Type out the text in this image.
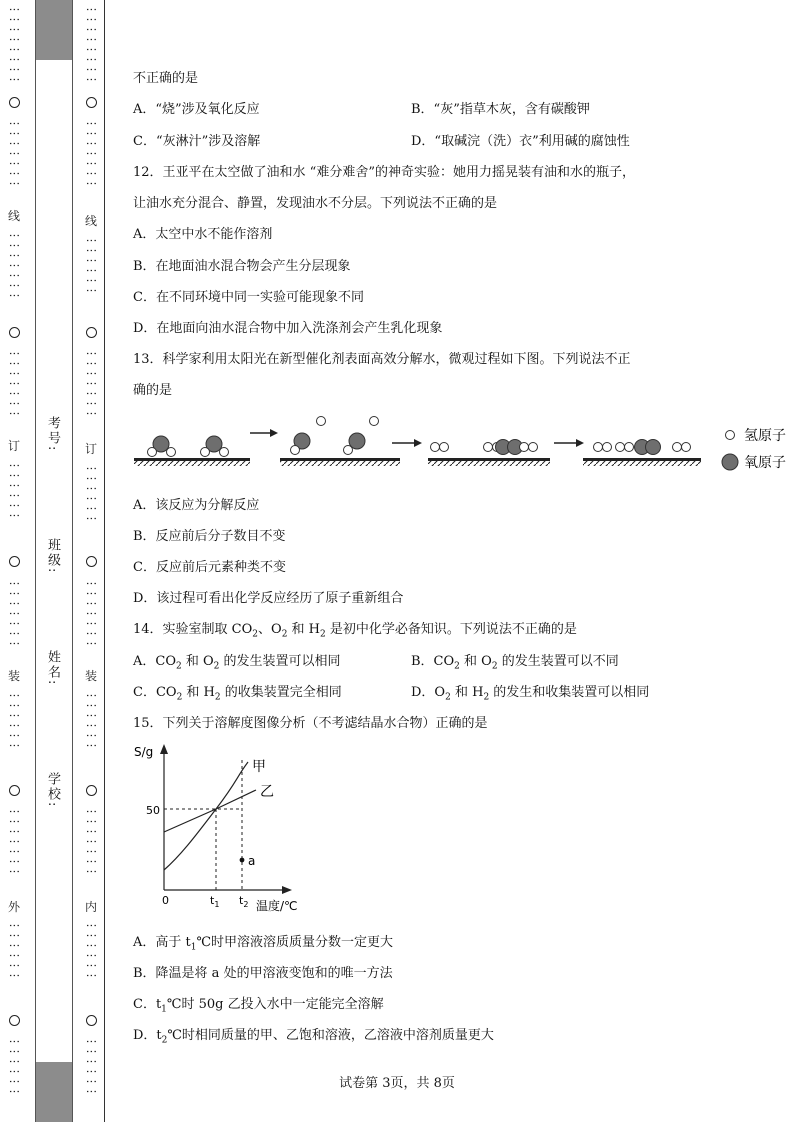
⋮⋮⋮⋮⋮⋮⋮⋮
⋮⋮⋮⋮⋮⋮⋮
线
⋮⋮⋮⋮⋮⋮⋮
⋮⋮⋮⋮⋮⋮⋮
订
⋮⋮⋮⋮⋮⋮
⋮⋮⋮⋮⋮⋮⋮
装
⋮⋮⋮⋮⋮⋮
⋮⋮⋮⋮⋮⋮⋮
外
⋮⋮⋮⋮⋮⋮
⋮⋮⋮⋮⋮⋮
考号:
班级:
姓名:
学校:
⋮⋮⋮⋮⋮⋮⋮⋮
⋮⋮⋮⋮⋮⋮⋮
线
⋮⋮⋮⋮⋮⋮
⋮⋮⋮⋮⋮⋮⋮
订
⋮⋮⋮⋮⋮⋮
⋮⋮⋮⋮⋮⋮⋮
装
⋮⋮⋮⋮⋮⋮
⋮⋮⋮⋮⋮⋮⋮
内
⋮⋮⋮⋮⋮⋮
⋮⋮⋮⋮⋮⋮
不正确的是
A．“烧”涉及氧化反应	B．“灰”指草木灰，含有碳酸钾
C．“灰淋汁”涉及溶解	D．“取碱浣（洗）衣”利用碱的腐蚀性
12．王亚平在太空做了油和水 “难分难舍”的神奇实验：她用力摇晃装有油和水的瓶子，
让油水充分混合、静置，发现油水不分层。下列说法不正确的是
A．太空中水不能作溶剂
B．在地面油水混合物会产生分层现象
C．在不同环境中同一实验可能现象不同
D．在地面向油水混合物中加入洗涤剂会产生乳化现象
13．科学家利用太阳光在新型催化剂表面高效分解水，微观过程如下图。下列说法不正
确的是
氢原子
氧原子
A．该反应为分解反应
B．反应前后分子数目不变
C．反应前后元素种类不变
D．该过程可看出化学反应经历了原子重新组合
14．实验室制取 $CO_2$、$O_2$ 和 $H_2$ 是初中化学必备知识。下列说法不正确的是
A．$CO_2$ 和 $O_2$ 的发生装置可以相同	B．$CO_2$ 和 $O_2$ 的发生装置可以不同
C．$CO_2$ 和 $H_2$ 的收集装置完全相同	D．$O_2$ 和 $H_2$ 的发生和收集装置可以相同
15．下列关于溶解度图像分析（不考滤结晶水合物）正确的是
S/g
温度/℃
0
50
$t_1$ $t_2$
甲
乙
a
A．高于 $t_1℃$时甲溶液溶质质量分数一定更大
B．降温是将 a 处的甲溶液变饱和的唯一方法
C．$t_1℃$时 50g 乙投入水中一定能完全溶解
D．$t_2℃$时相同质量的甲、乙饱和溶液，乙溶液中溶剂质量更大
试卷第 3页，共 8页
